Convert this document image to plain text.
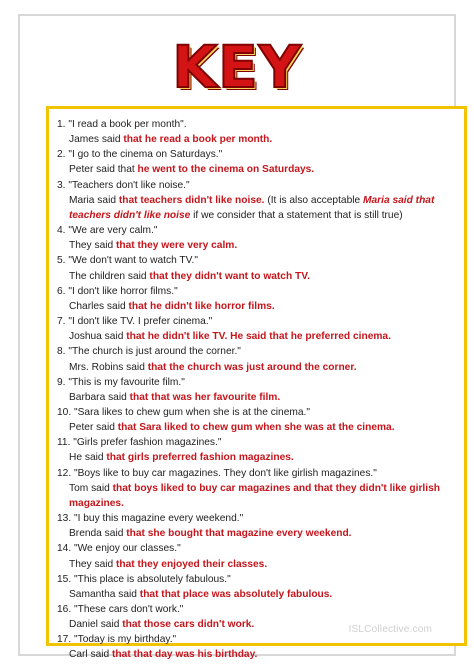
KEY
1. "I read a book per month".
James said that he read a book per month.
2. "I go to the cinema on Saturdays."
Peter said that he went to the cinema on Saturdays.
3. "Teachers don't like noise."
Maria said that teachers didn't like noise. (It is also acceptable Maria said that teachers didn't like noise if we consider that a statement that is still true)
4. "We are very calm."
They said that they were very calm.
5. "We don't want to watch TV."
The children said that they didn't want to watch TV.
6. "I don't like horror films."
Charles said that he didn't like horror films.
7. "I don't like TV. I prefer cinema."
Joshua said that he didn't like TV. He said that he preferred cinema.
8. "The church is just around the corner."
Mrs. Robins said that the church was just around the corner.
9. "This is my favourite film."
Barbara said that that was her favourite film.
10. "Sara likes to chew gum when she is at the cinema."
Peter said that Sara liked to chew gum when she was at the cinema.
11. "Girls prefer fashion magazines."
He said that girls preferred fashion magazines.
12. "Boys like to buy car magazines. They don't like girlish magazines."
Tom said that boys liked to buy car magazines and that they didn't like girlish magazines.
13. "I buy this magazine every weekend."
Brenda said that she bought that magazine every weekend.
14. "We enjoy our classes."
They said that they enjoyed their classes.
15. "This place is absolutely fabulous."
Samantha said that that place was absolutely fabulous.
16. "These cars don't work."
Daniel said that those cars didn't work.
17. "Today is my birthday."
Carl said that that day was his birthday.
ISLCollective.com
